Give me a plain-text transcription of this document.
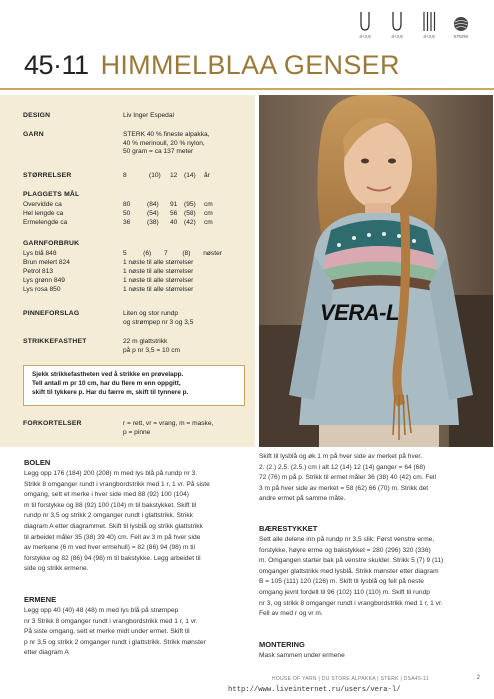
3+3,5	3+3,5	3+3,5	STERK
45·11 HIMMELBLAA GENSER
DESIGN	Liv Inger Espedal
GARN	STERK 40 % fineste alpakka,
40 % merinoull, 20 % nylon,
50 gram = ca 137 meter
STØRRELSER	8	(10) 12 (14) år
PLAGGETS MÅL
Overvidde ca	80	(84) 91 (95) cm
Hel lengde ca	50	(54) 56 (58) cm
Ermelengde ca	36	(38) 40 (42) cm
GARNFORBRUK
Lys blå 848	5         (6)       7        (8)       nøster
Brun melert 824	1 nøste til alle størrelser
Petrol 813	1 nøste til alle størrelser
Lys grønn 849	1 nøste til alle størrelser
Lys rosa 850	1 nøste til alle størrelser
PINNEFORSLAG	Liten og stor rundp
og strømpep nr 3 og 3,5
STRIKKEFASTHET	22 m glattstrikk
på p nr 3,5 = 10 cm
Sjekk strikkefastheten ved å strikke en prøvelapp.
Tell antall m pr 10 cm, har du flere m enn oppgitt,
skift til tykkere p. Har du færre m, skift til tynnere p.
FORKORTELSER	r = rett, vr = vrang, m = maske,
p = pinne
VERA-L
BOLEN
Legg opp 176 (184) 200 (208) m med lys blå på rundp nr 3.
Strikk 8 omganger rundt i vrangbordstrikk med 1 r, 1 vr. På siste
omgang, sett et merke i hver side med 88 (92) 100 (104)
m til forstykke og 88 (92) 100 (104) m til bakstykket. Skift til
rundp nr 3,5 og strikk 2 omganger rundt i glattstrikk. Strikk
diagram A etter diagrammet. Skift til lysblå og strikk glattstrikk
til arbeidet måler 35 (38) 39 40) cm. Fell av 3 m på hver side
av merkene (6 m ved hver ermehull) = 82 (86) 94 (98) m til
forstykke og 82 (86) 94 (98) m til bakstykke. Legg arbeidet til
side og strikk ermene.
ERMENE
Legg opp 40 (40) 48 (48) m med lys blå på strømpep
nr 3 Strikk 8 omganger rundt i vrangbordstrikk med 1 r, 1 vr.
På siste omgang, sett et merke midt under ermet. Skift til
p nr 3,5 og strikk 2 omganger rundt i glattstrikk. Strikk mønster
etter diagram A
Skift til lysblå og øk 1 m på hver side av merket på hver.
2. (2.) 2,5. (2.5.) cm i alt 12 (14) 12 (14) ganger = 64 (68)
72 (76) m på p. Strikk til ermet måler 36 (38) 40 (42) cm. Fell
3 m på hver side av merket = 58 (62) 66 (70) m. Strikk det
andre ermet på samme måte.
BÆRESTYKKET
Sett alle delene inn på rundp nr 3,5 slik: Først venstre erme,
forstykke, høyre erme og bakstykket = 280 (296) 320 (336)
m. Omgangen starter bak på venstre skulder. Strikk 5 (7) 9 (11)
omganger glattstrikk med lysblå. Strikk mønster etter diagram
B = 105 (111) 120 (126) m. Skift til lysblå og fell på neste
omgang jevnt fordelt til 96 (102) 110 (110) m. Skift til rundp
nr 3, og strikk 8 omganger rundt i vrangbordstrikk med 1 r, 1 vr.
Fell av med r og vr m.
MONTERING
Mask sammen under ermene
HOUSE OF YARN | DU STORE ALPAKKA | STERK | DSA45-11	2
http://www.liveinternet.ru/users/vera-l/
